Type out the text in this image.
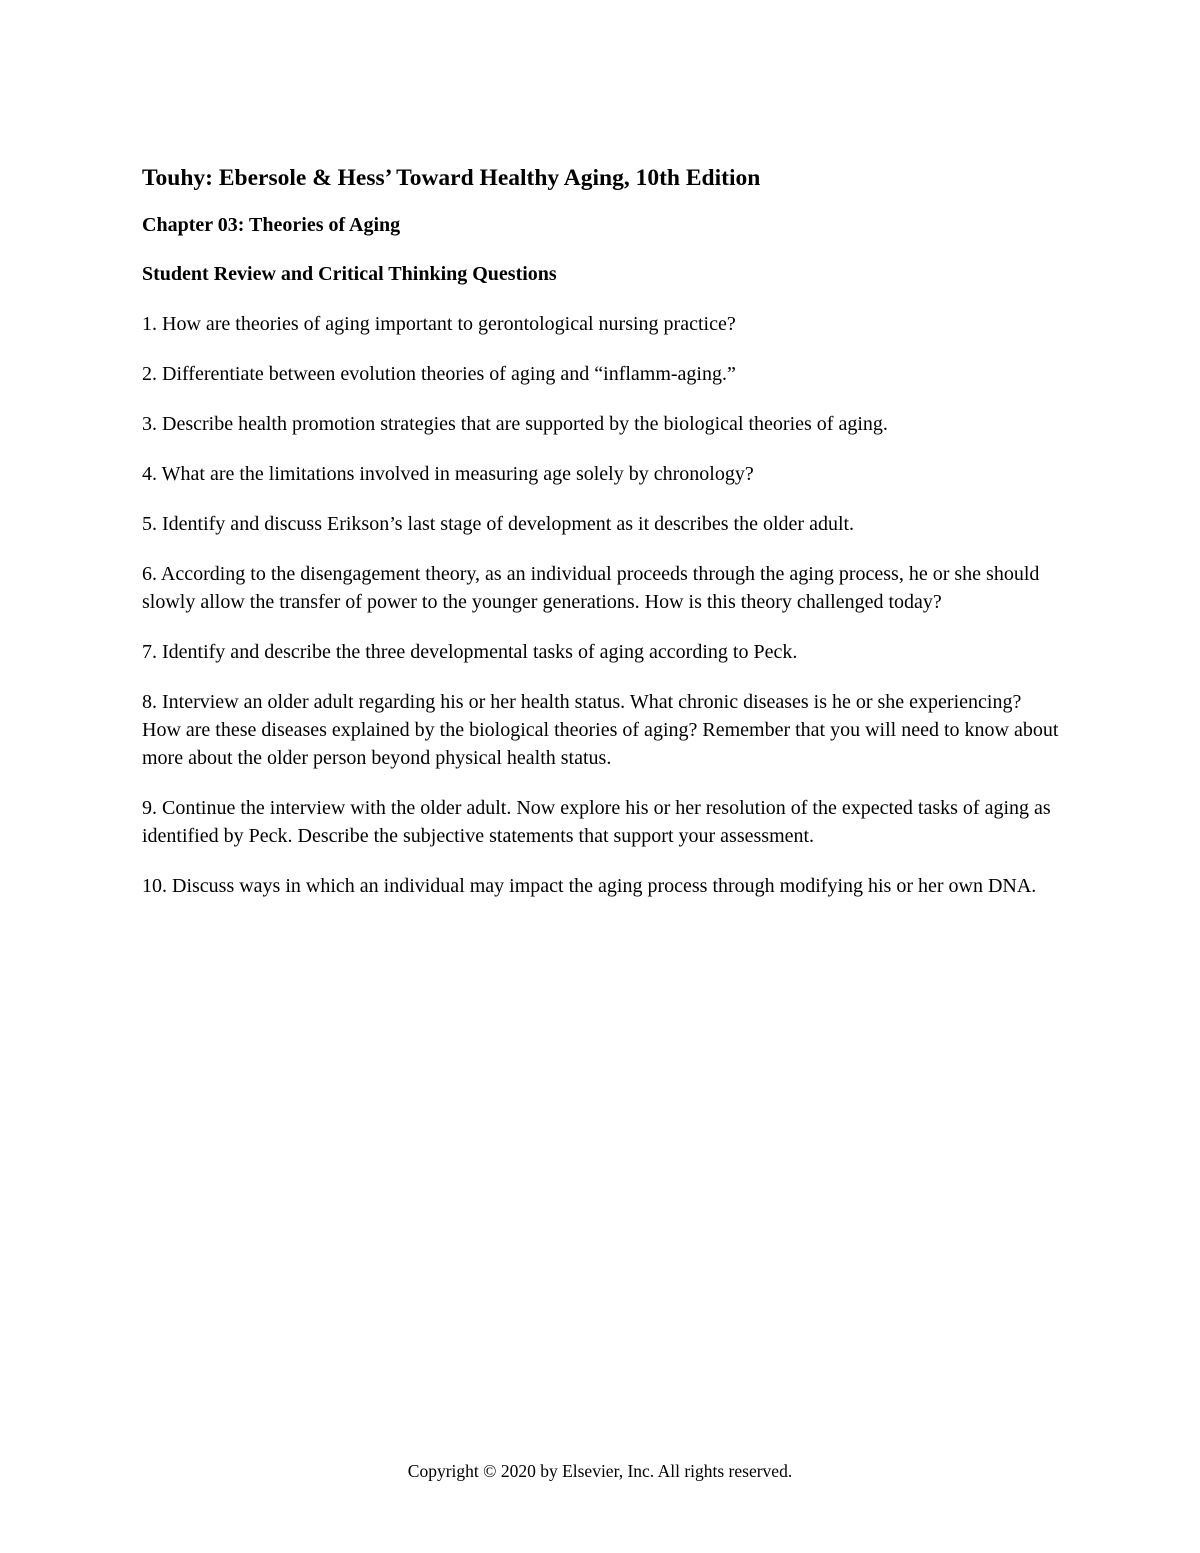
Touhy: Ebersole & Hess’ Toward Healthy Aging, 10th Edition
Chapter 03: Theories of Aging
Student Review and Critical Thinking Questions

1. How are theories of aging important to gerontological nursing practice?

2. Differentiate between evolution theories of aging and “inflamm-aging.”

3. Describe health promotion strategies that are supported by the biological theories of aging.

4. What are the limitations involved in measuring age solely by chronology?

5. Identify and discuss Erikson’s last stage of development as it describes the older adult.

6. According to the disengagement theory, as an individual proceeds through the aging process, he or she should slowly allow the transfer of power to the younger generations. How is this theory challenged today?

7. Identify and describe the three developmental tasks of aging according to Peck.

8. Interview an older adult regarding his or her health status. What chronic diseases is he or she experiencing? How are these diseases explained by the biological theories of aging? Remember that you will need to know about more about the older person beyond physical health status.

9. Continue the interview with the older adult. Now explore his or her resolution of the expected tasks of aging as identified by Peck. Describe the subjective statements that support your assessment.

10. Discuss ways in which an individual may impact the aging process through modifying his or her own DNA.

Copyright © 2020 by Elsevier, Inc. All rights reserved.
